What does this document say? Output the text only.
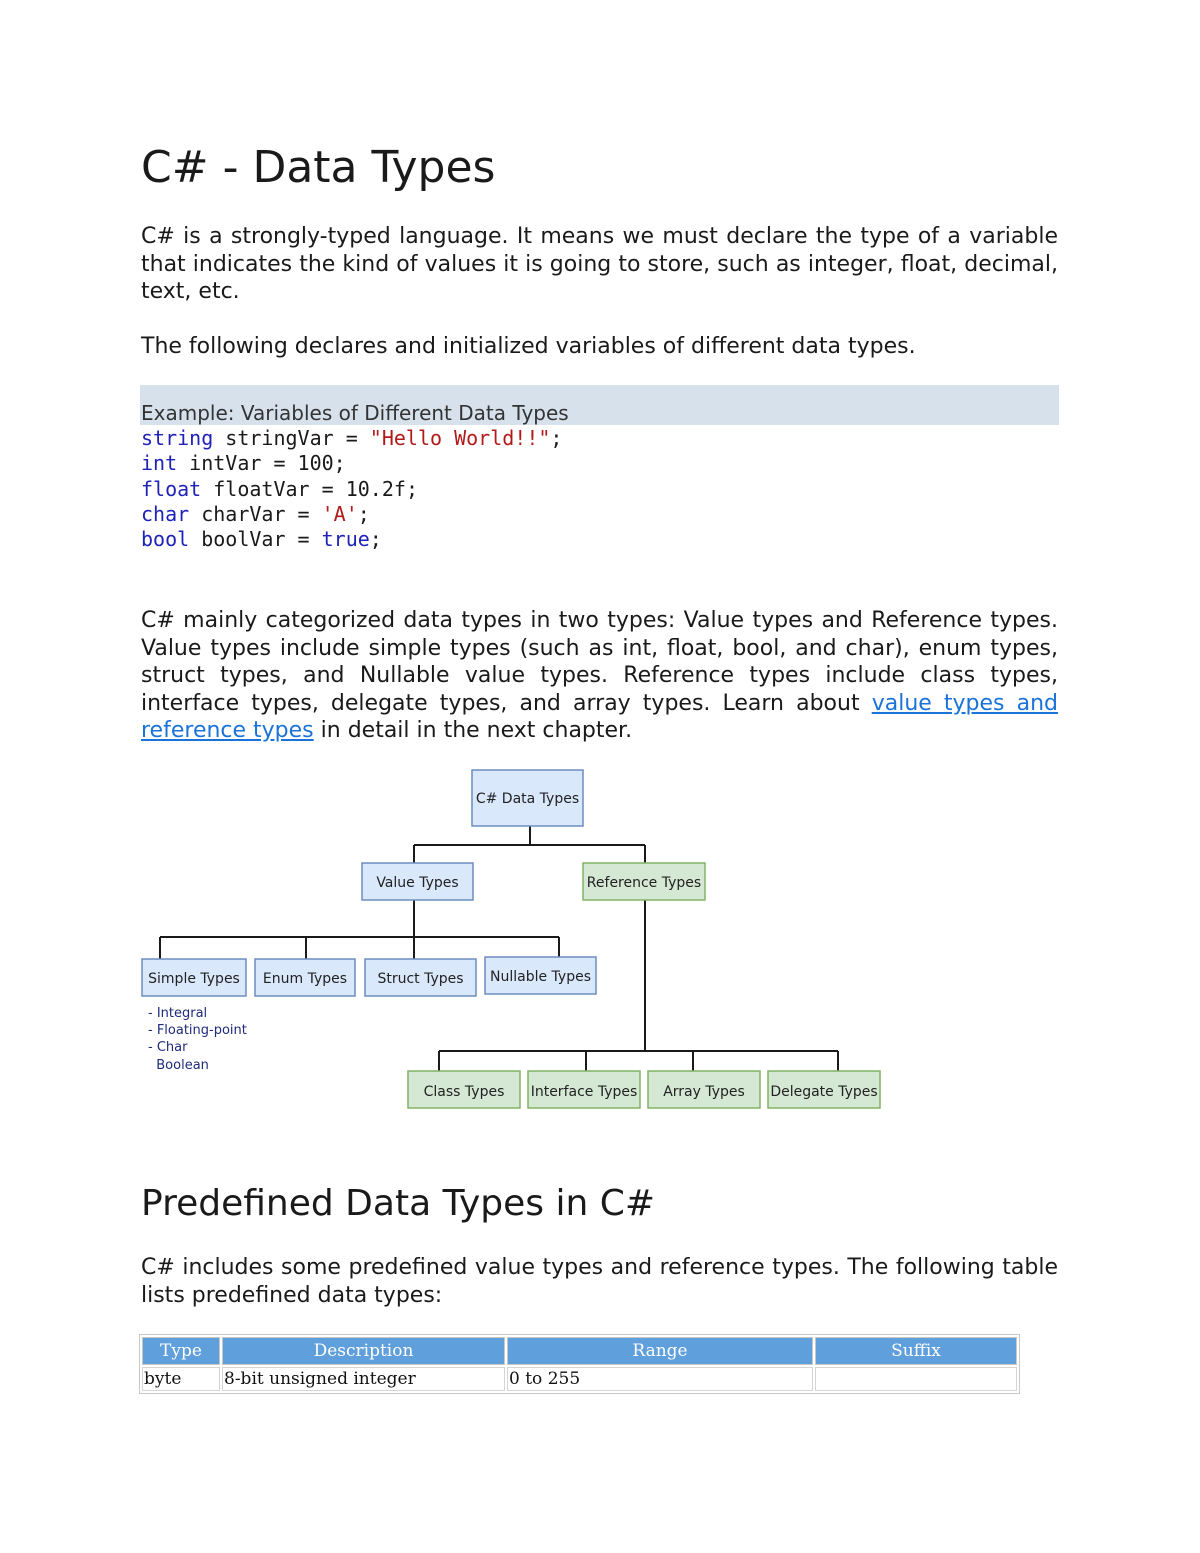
C# - Data Types

C# is a strongly-typed language. It means we must declare the type of a variable that indicates the kind of values it is going to store, such as integer, float, decimal, text, etc.

The following declares and initialized variables of different data types.

Example: Variables of Different Data Types

string stringVar = "Hello World!!";
int intVar = 100;
float floatVar = 10.2f;
char charVar = 'A';
bool boolVar = true;

C# mainly categorized data types in two types: Value types and Reference types. Value types include simple types (such as int, float, bool, and char), enum types, struct types, and Nullable value types. Reference types include class types, interface types, delegate types, and array types. Learn about value types and reference types in detail in the next chapter.

C# Data Types
Value Types	Reference Types
Simple Types Enum Types Struct Types Nullable Types
- Integral
- Floating-point
- Char
Boolean
Class Types Interface Types Array Types Delegate Types
Predefined Data Types in C#

C# includes some predefined value types and reference types. The following table lists predefined data types:

Type	Description	Range	Suffix
byte	8-bit unsigned integer	0 to 255	
